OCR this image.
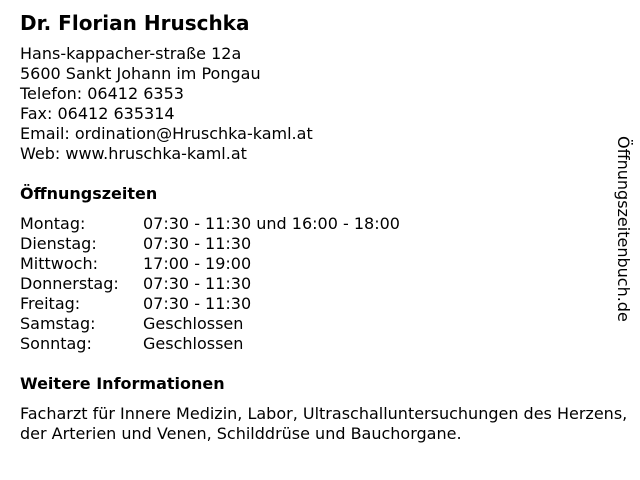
Dr. Florian Hruschka
Hans-kappacher-straße 12a
5600 Sankt Johann im Pongau
Telefon: 06412 6353
Fax: 06412 635314
Email: ordination@Hruschka-kaml.at
Web: www.hruschka-kaml.at
Öffnungszeiten
Montag:	07:30 - 11:30 und 16:00 - 18:00
Dienstag:	07:30 - 11:30
Mittwoch:	17:00 - 19:00
Donnerstag:	07:30 - 11:30
Freitag:	07:30 - 11:30
Samstag:	Geschlossen
Sonntag:	Geschlossen
Weitere Informationen
Facharzt für Innere Medizin, Labor, Ultraschalluntersuchungen des Herzens, der Arterien und Venen, Schilddrüse und Bauchorgane.
Öffnungszeitenbuch.de
